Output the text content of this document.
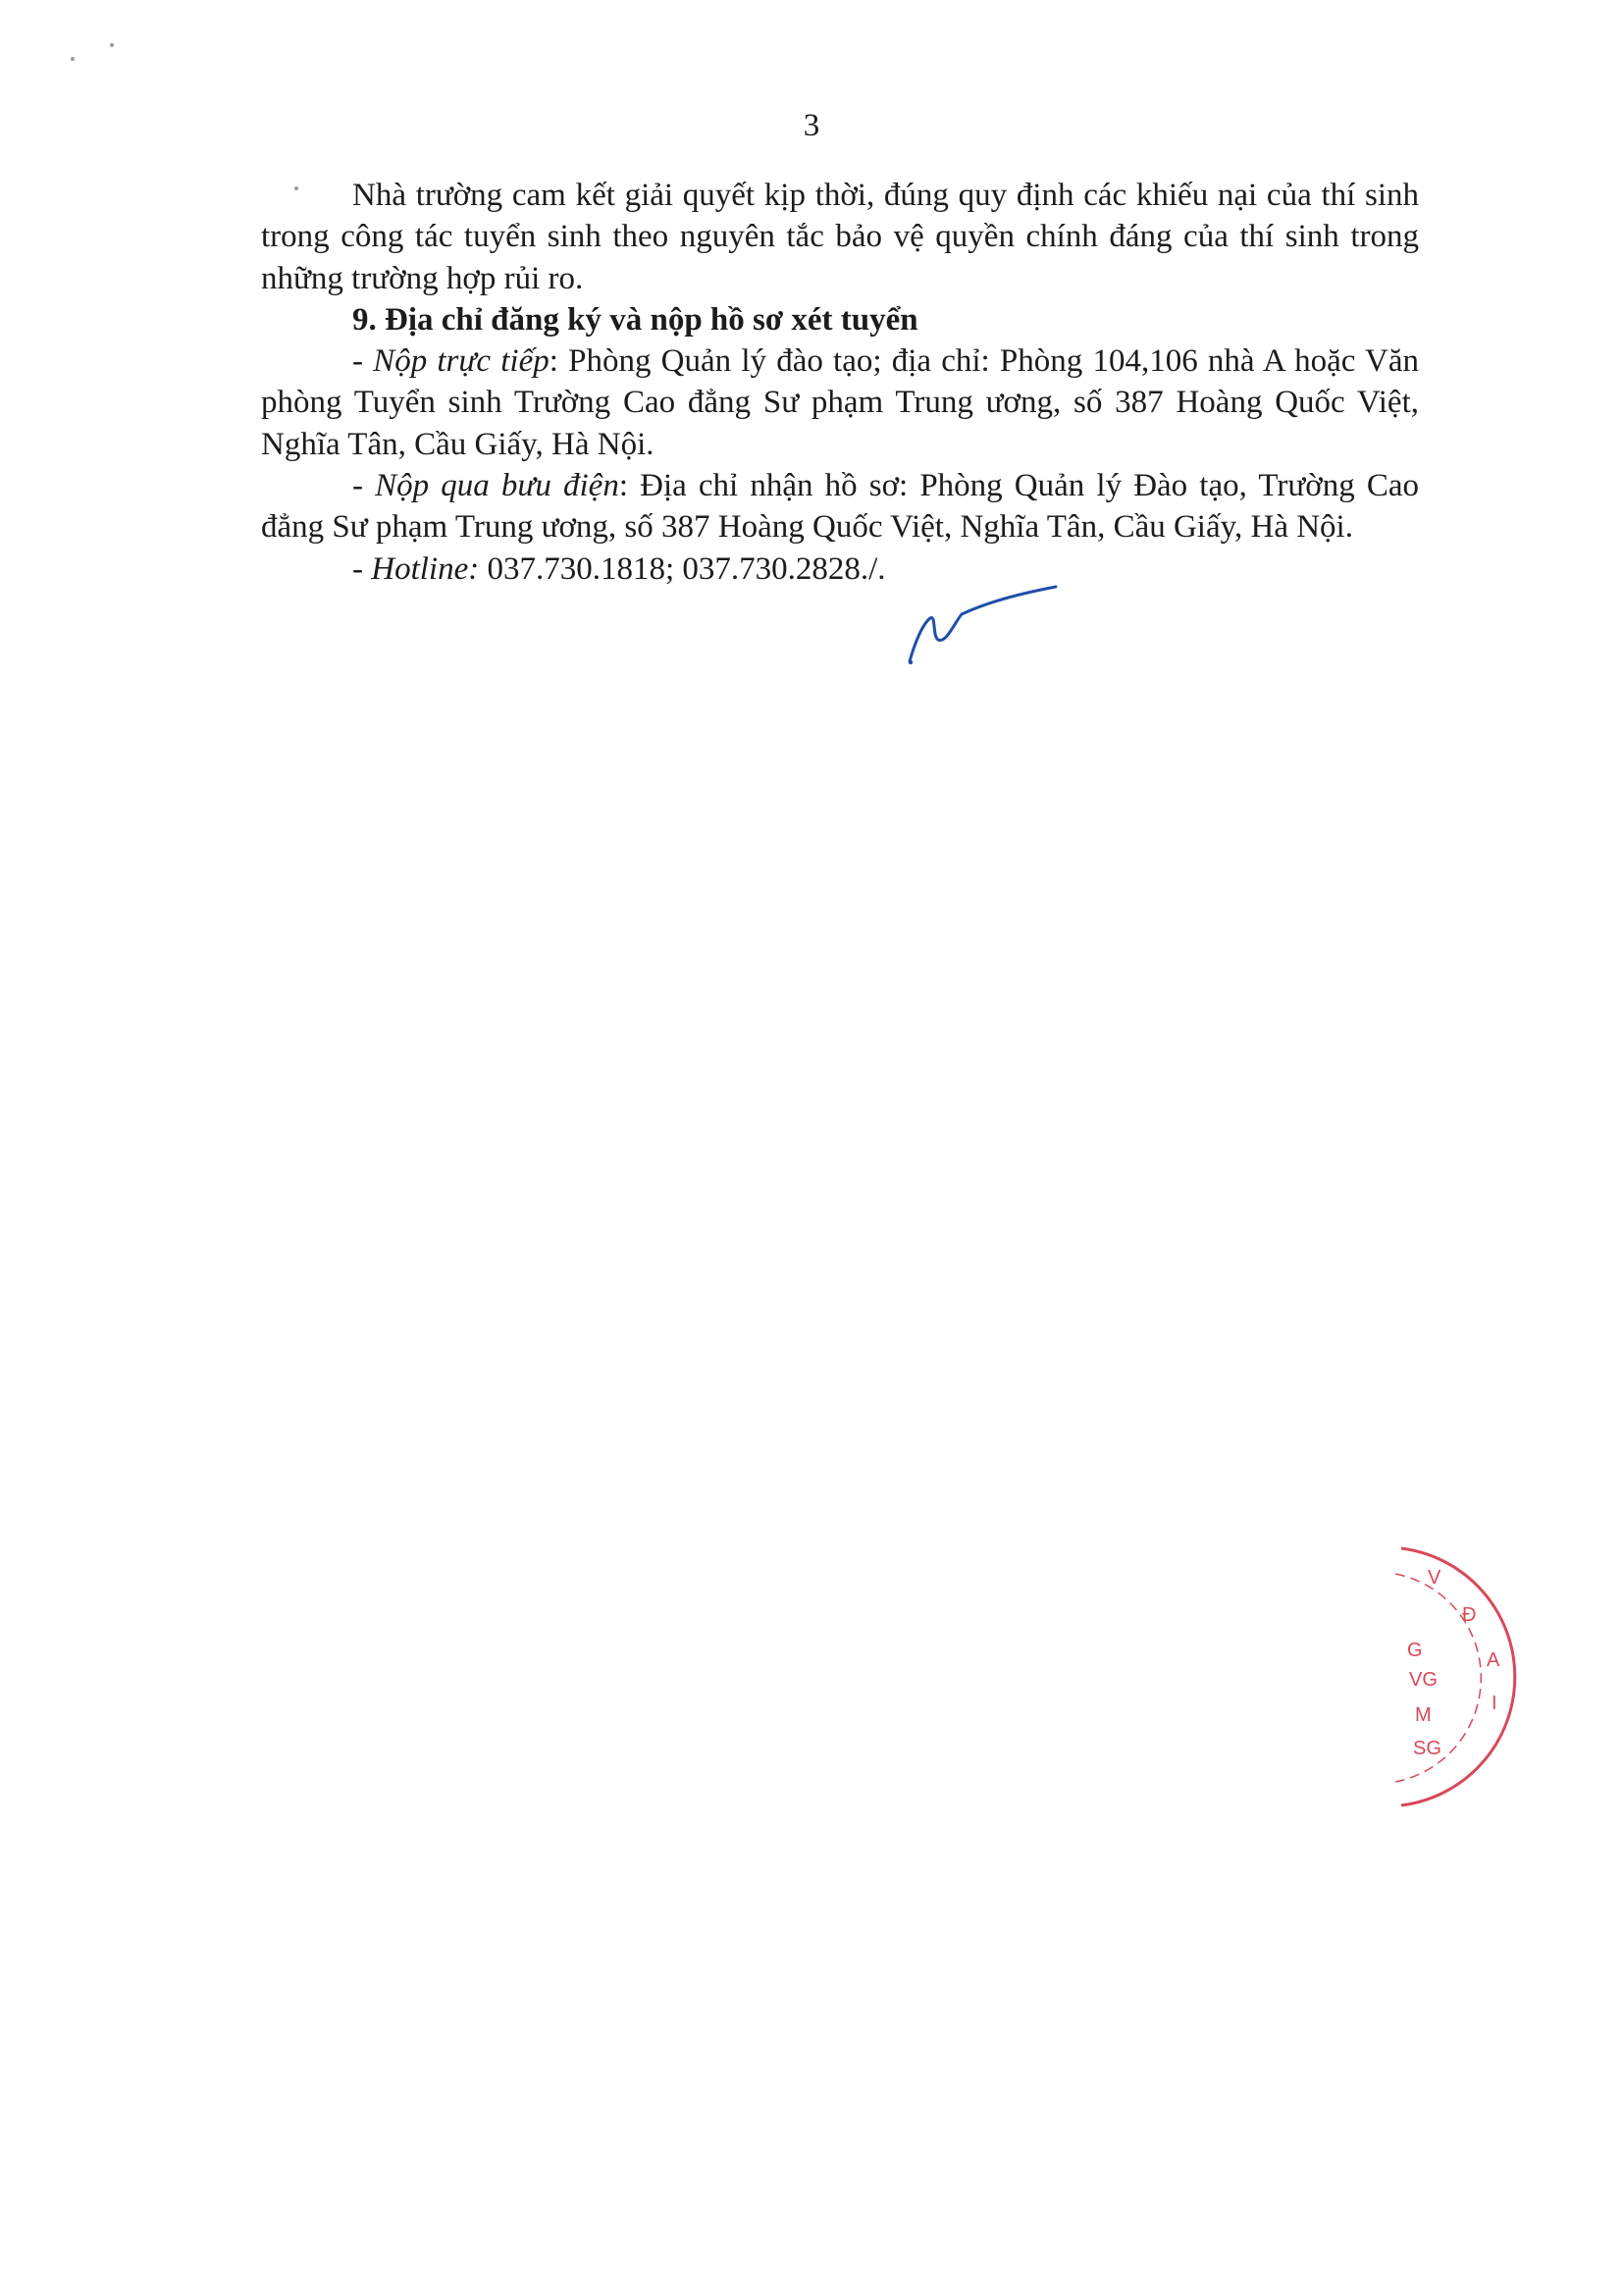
3

Nhà trường cam kết giải quyết kịp thời, đúng quy định các khiếu nại của thí sinh trong công tác tuyển sinh theo nguyên tắc bảo vệ quyền chính đáng của thí sinh trong những trường hợp rủi ro.

9. Địa chỉ đăng ký và nộp hồ sơ xét tuyển

- Nộp trực tiếp: Phòng Quản lý đào tạo; địa chỉ: Phòng 104,106 nhà A hoặc Văn phòng Tuyển sinh Trường Cao đẳng Sư phạm Trung ương, số 387 Hoàng Quốc Việt, Nghĩa Tân, Cầu Giấy, Hà Nội.

- Nộp qua bưu điện: Địa chỉ nhận hồ sơ: Phòng Quản lý Đào tạo, Trường Cao đẳng Sư phạm Trung ương, số 387 Hoàng Quốc Việt, Nghĩa Tân, Cầu Giấy, Hà Nội.

- Hotline: 037.730.1818; 037.730.2828./.

V
Đ
G
VG
M
SG
A
I
